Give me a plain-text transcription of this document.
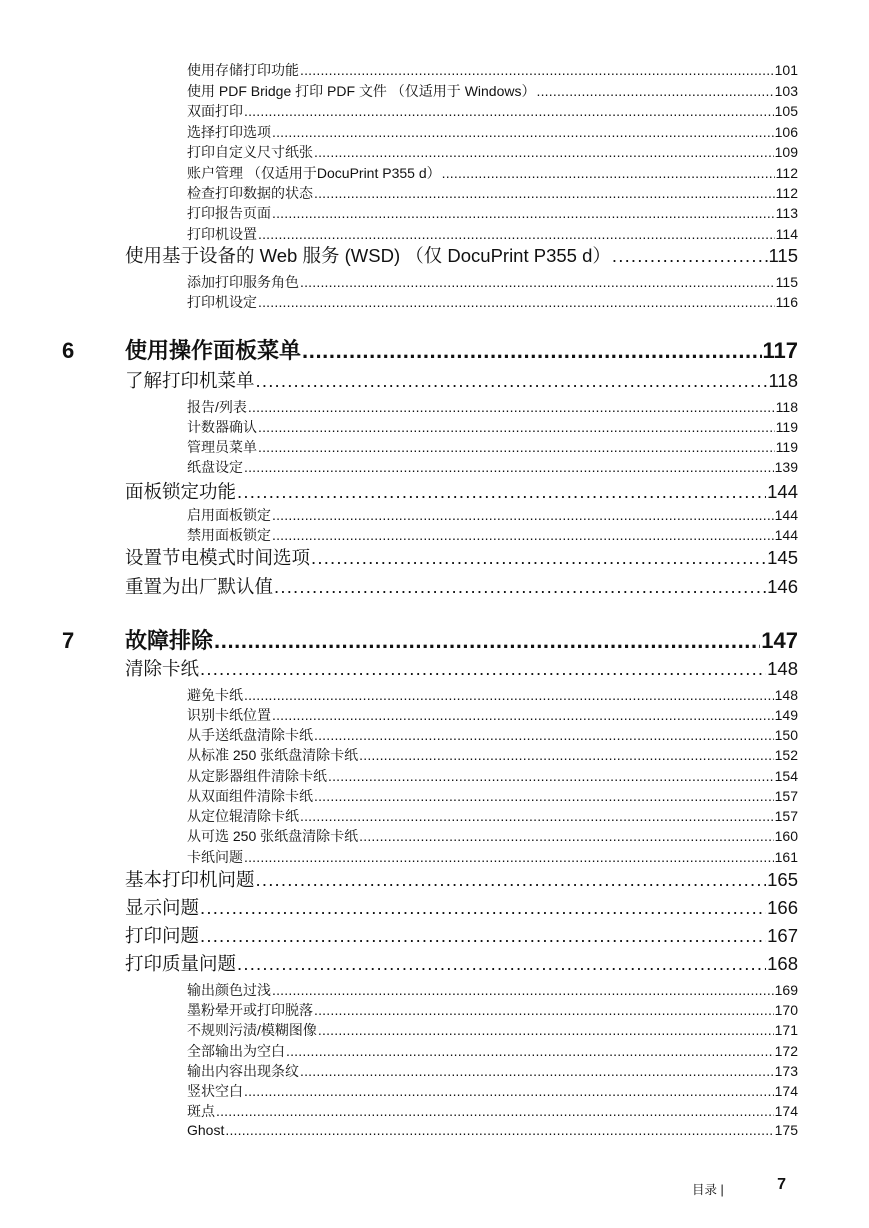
使用存储打印功能 .....	101
使用 PDF Bridge 打印 PDF 文件 （仅适用于 Windows） .....	103
双面打印 .....	105
选择打印选项 .....	106
打印自定义尺寸纸张 .....	109
账户管理 （仅适用于DocuPrint P355 d） .....	112
检查打印数据的状态 .....	112
打印报告页面 .....	113
打印机设置 .....	114
使用基于设备的 Web 服务 (WSD) （仅 DocuPrint P355 d） .....	115
添加打印服务角色 .....	115
打印机设定 .....	116
6 使用操作面板菜单 .....	117
了解打印机菜单 .....	118
报告/列表 .....	118
计数器确认 .....	119
管理员菜单 .....	119
纸盘设定 .....	139
面板锁定功能 .....	144
启用面板锁定 .....	144
禁用面板锁定 .....	144
设置节电模式时间选项 .....	145
重置为出厂默认值 .....	146
7 故障排除 .....	147
清除卡纸 .....	148
避免卡纸 .....	148
识别卡纸位置 .....	149
从手送纸盘清除卡纸 .....	150
从标准 250 张纸盘清除卡纸 .....	152
从定影器组件清除卡纸 .....	154
从双面组件清除卡纸 .....	157
从定位辊清除卡纸 .....	157
从可选 250 张纸盘清除卡纸 .....	160
卡纸问题 .....	161
基本打印机问题 .....	165
显示问题 .....	166
打印问题 .....	167
打印质量问题 .....	168
输出颜色过浅 .....	169
墨粉晕开或打印脱落 .....	170
不规则污渍/模糊图像 .....	171
全部输出为空白 .....	172
输出内容出现条纹 .....	173
竖状空白 .....	174
斑点 .....	174
Ghost .....	175
目录 |	7
